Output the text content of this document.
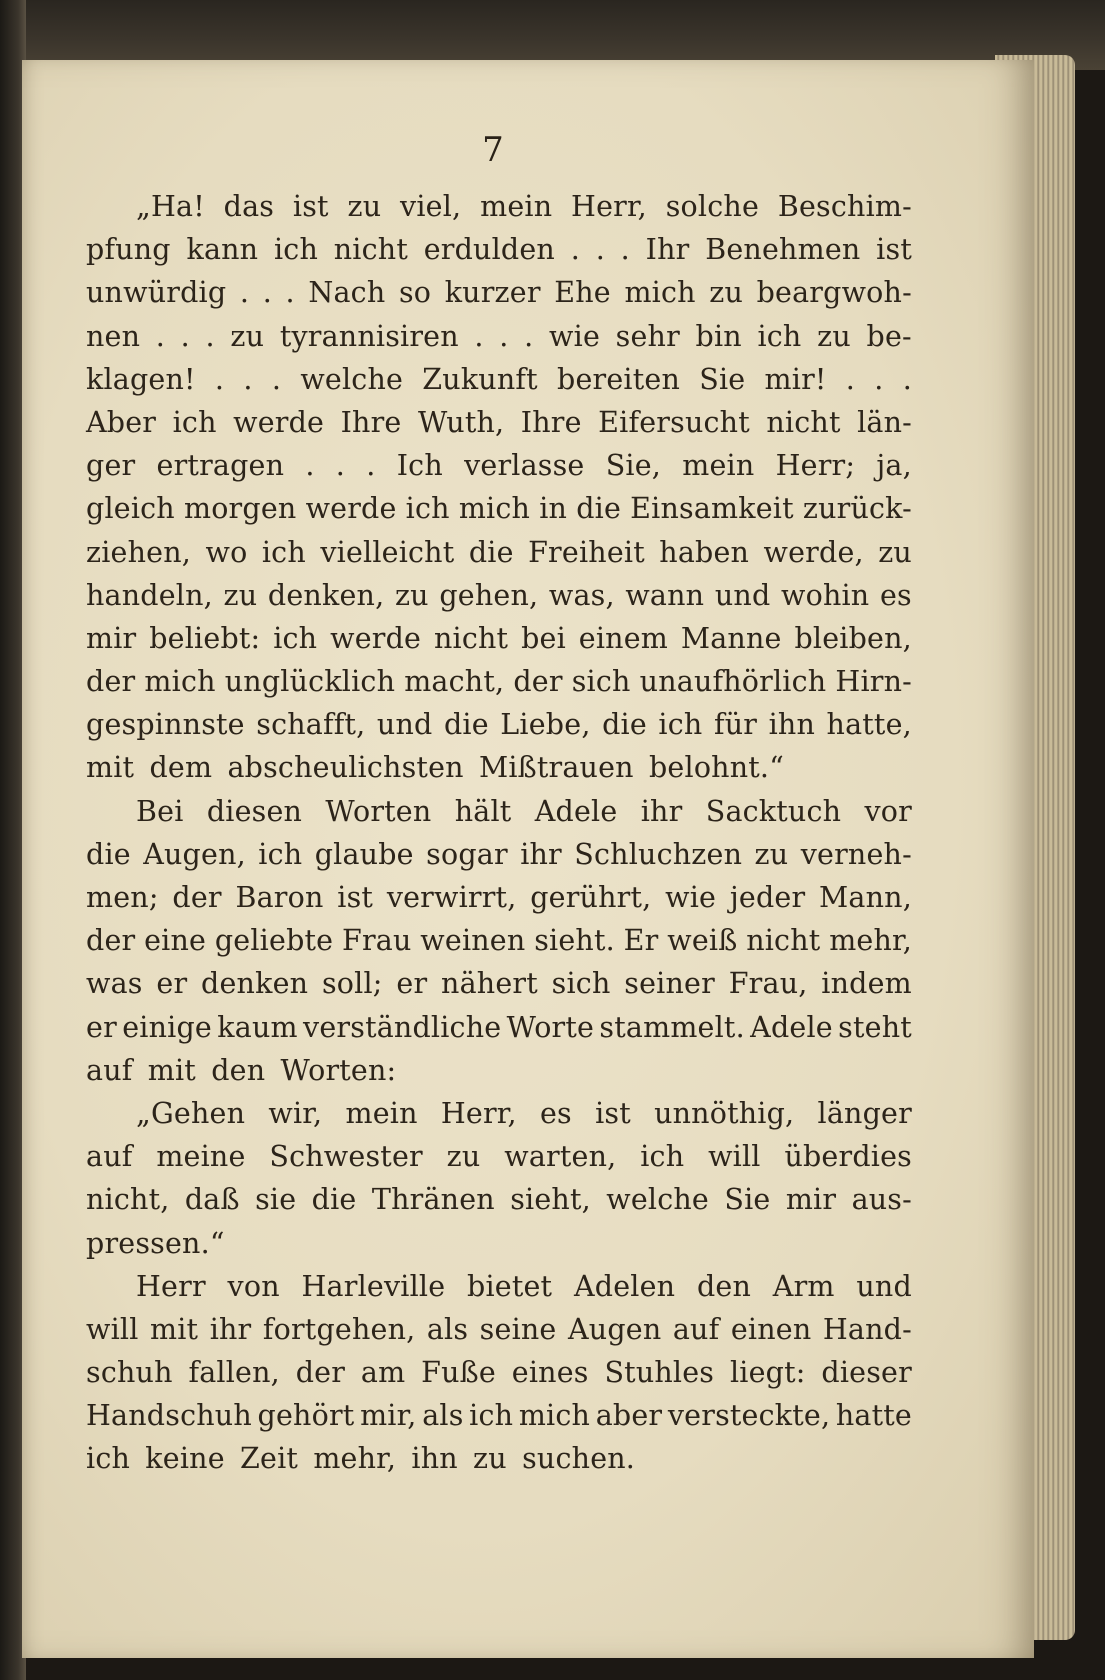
7
„Ha! das ist zu viel, mein Herr, solche Beschim-
pfung kann ich nicht erdulden . . . Ihr Benehmen ist
unwürdig . . . Nach so kurzer Ehe mich zu beargwoh-
nen . . . zu tyrannisiren . . . wie sehr bin ich zu be-
klagen! . . . welche Zukunft bereiten Sie mir! . . .
Aber ich werde Ihre Wuth, Ihre Eifersucht nicht län-
ger ertragen . . . Ich verlasse Sie, mein Herr; ja,
gleich morgen werde ich mich in die Einsamkeit zurück-
ziehen, wo ich vielleicht die Freiheit haben werde, zu
handeln, zu denken, zu gehen, was, wann und wohin es
mir beliebt: ich werde nicht bei einem Manne bleiben,
der mich unglücklich macht, der sich unaufhörlich Hirn-
gespinnste schafft, und die Liebe, die ich für ihn hatte,
mit dem abscheulichsten Mißtrauen belohnt.“
Bei diesen Worten hält Adele ihr Sacktuch vor
die Augen, ich glaube sogar ihr Schluchzen zu verneh-
men; der Baron ist verwirrt, gerührt, wie jeder Mann,
der eine geliebte Frau weinen sieht. Er weiß nicht mehr,
was er denken soll; er nähert sich seiner Frau, indem
er einige kaum verständliche Worte stammelt. Adele steht
auf mit den Worten:
„Gehen wir, mein Herr, es ist unnöthig, länger
auf meine Schwester zu warten, ich will überdies
nicht, daß sie die Thränen sieht, welche Sie mir aus-
pressen.“
Herr von Harleville bietet Adelen den Arm und
will mit ihr fortgehen, als seine Augen auf einen Hand-
schuh fallen, der am Fuße eines Stuhles liegt: dieser
Handschuh gehört mir, als ich mich aber versteckte, hatte
ich keine Zeit mehr, ihn zu suchen.
